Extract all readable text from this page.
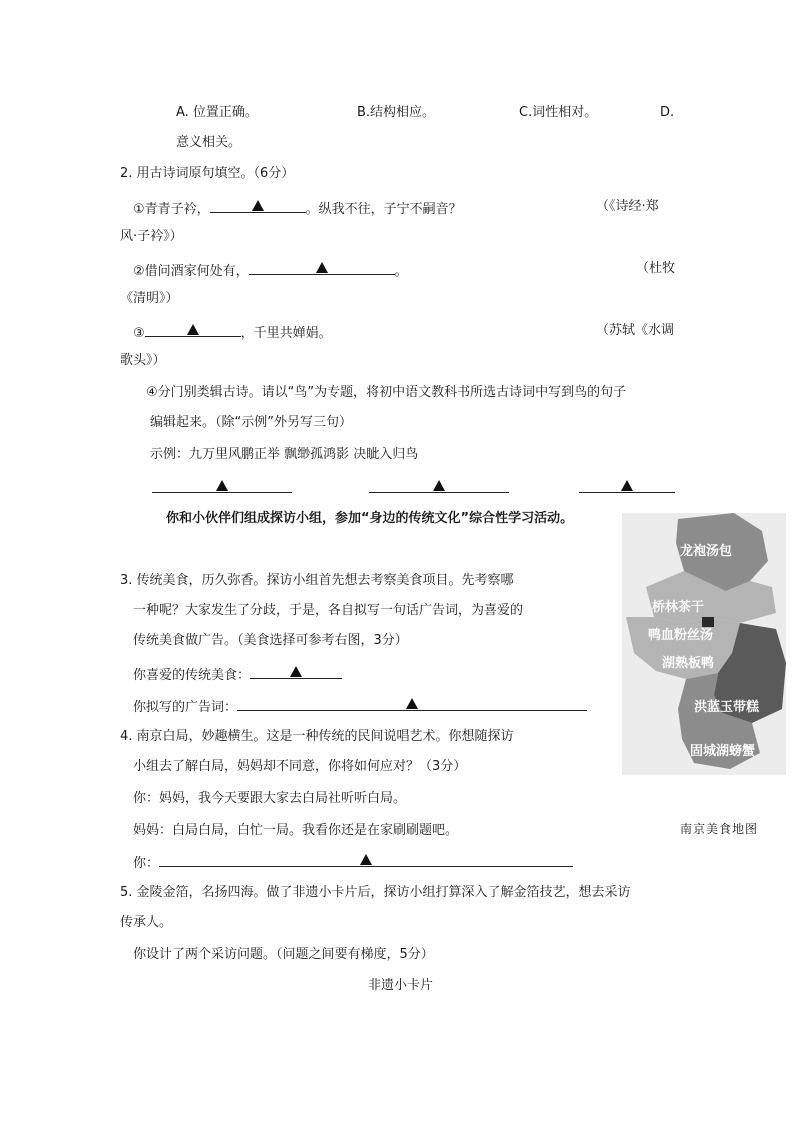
A. 位置正确。	B.结构相应。	C.词性相对。	D.
意义相关。
2. 用古诗词原句填空。（6分）
①青青子衿，	。纵我不往，子宁不嗣音？	（《诗经·郑
风·子衿》）
②借问酒家何处有，	。	（杜牧
《清明》）
③	，千里共婵娟。	（苏轼《水调
歌头》）
④分门别类辑古诗。请以“鸟”为专题，将初中语文教科书所选古诗词中写到鸟的句子
编辑起来。（除“示例”外另写三句）
示例：九万里风鹏正举 飘缈孤鸿影 决眦入归鸟
你和小伙伴们组成探访小组，参加“身边的传统文化”综合性学习活动。
3. 传统美食，历久弥香。探访小组首先想去考察美食项目。先考察哪
一种呢？大家发生了分歧，于是，各自拟写一句话广告词，为喜爱的
传统美食做广告。（美食选择可参考右图，3分）
你喜爱的传统美食：
你拟写的广告词：
4. 南京白局，妙趣横生。这是一种传统的民间说唱艺术。你想随探访
小组去了解白局，妈妈却不同意，你将如何应对？（3分）
你：妈妈，我今天要跟大家去白局社听听白局。
妈妈：白局白局，白忙一局。我看你还是在家刷刷题吧。
你：
5. 金陵金箔，名扬四海。做了非遗小卡片后，探访小组打算深入了解金箔技艺，想去采访
传承人。
你设计了两个采访问题。（问题之间要有梯度，5分）
非遗小卡片
龙袍汤包
桥林茶干
鸭血粉丝汤
湖熟板鸭
洪蓝玉带糕
固城湖螃蟹
南京美食地图
